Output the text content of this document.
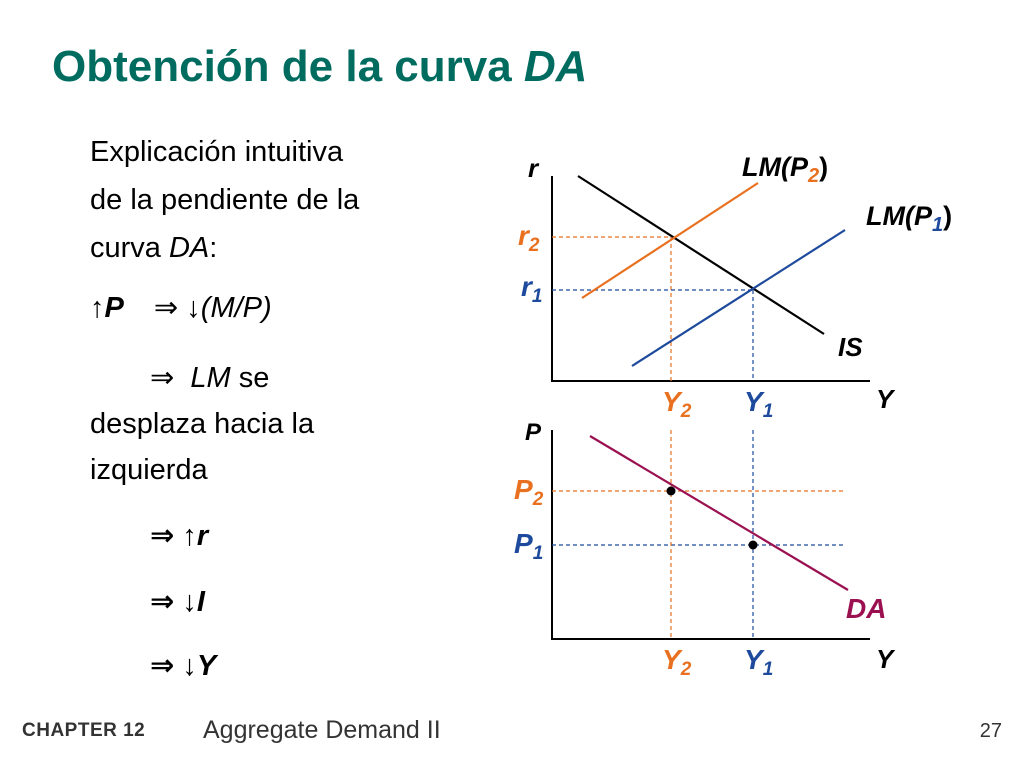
Obtención de la curva DA
Explicación intuitiva
de la pendiente de la
curva DA:
↑P ⇒ ↓(M/P)
⇒ LM se
desplaza hacia la
izquierda
⇒ ↑r
⇒ ↓I
⇒ ↓Y
r
Y
IS
$LM(P_2)$
$LM(P_1)$
$r_2$
$r_1$
$Y_2$ $Y_1$
P
Y
DA
$P_2$
$P_1$
$Y_2$ $Y_1$
CHAPTER 12 Aggregate Demand II	27
